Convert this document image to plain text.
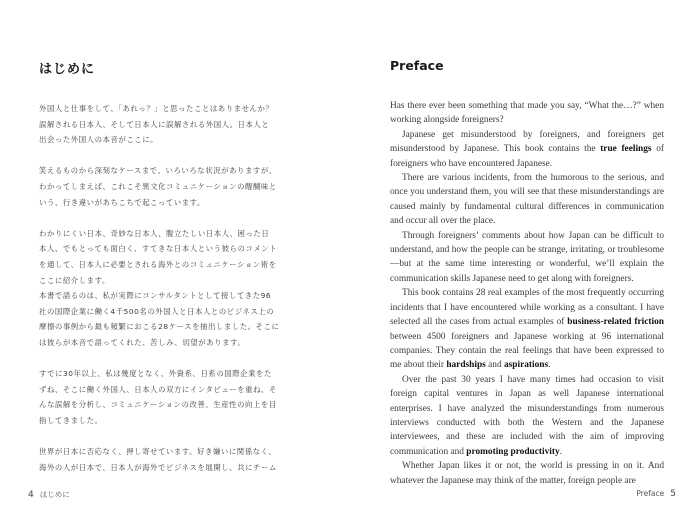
はじめに
外国人と仕事をして、「あれっ？」と思ったことはありませんか？
誤解される日本人、そして日本人に誤解される外国人。日本人と
出会った外国人の本音がここに。
笑えるものから深刻なケースまで、いろいろな状況がありますが、
わかってしまえば、これこそ異文化コミュニケーションの醍醐味と
いう、行き違いがあちこちで起こっています。
わかりにくい日本、奇妙な日本人、腹立たしい日本人、困った日
本人、でもとっても面白く、すてきな日本人という彼らのコメント
を通して、日本人に必要とされる海外とのコミュニケーション術を
ここに紹介します。
本書で語るのは、私が実際にコンサルタントとして接してきた96
社の国際企業に働く4千500名の外国人と日本人とのビジネス上の
摩擦の事例から最も頻繁におこる28ケースを抽出しました。そこに
は彼らが本音で語ってくれた、苦しみ、切望があります。
すでに30年以上、私は幾度となく、外資系、日系の国際企業をた
ずね、そこに働く外国人、日本人の双方にインタビューを重ね、そ
んな誤解を分析し、コミュニケーションの改善、生産性の向上を目
指してきました。
世界が日本に否応なく、押し寄せています。好き嫌いに関係なく、
海外の人が日本で、日本人が海外でビジネスを展開し、共にチーム
Preface

Has there ever been something that made you say, “What the…?” when working alongside foreigners?

Japanese get misunderstood by foreigners, and foreigners get misunderstood by Japanese. This book contains the true feelings of foreigners who have encountered Japanese.

There are various incidents, from the humorous to the serious, and once you understand them, you will see that these misunderstandings are caused mainly by fundamental cultural differences in communication and occur all over the place.

Through foreigners’ comments about how Japan can be difficult to understand, and how the people can be strange, irritating, or troublesome—but at the same time interesting or wonderful, we’ll explain the communication skills Japanese need to get along with foreigners.

This book contains 28 real examples of the most frequently occurring incidents that I have encountered while working as a consultant. I have selected all the cases from actual examples of business-related friction between 4500 foreigners and Japanese working at 96 international companies. They contain the real feelings that have been expressed to me about their hardships and aspirations.

Over the past 30 years I have many times had occasion to visit foreign capital ventures in Japan as well Japanese international enterprises. I have analyzed the misunderstandings from numerous interviews conducted with both the Western and the Japanese interviewees, and these are included with the aim of improving communication and promoting productivity.

Whether Japan likes it or not, the world is pressing in on it. And whatever the Japanese may think of the matter, foreign people are

4 はじめに	Preface 5
